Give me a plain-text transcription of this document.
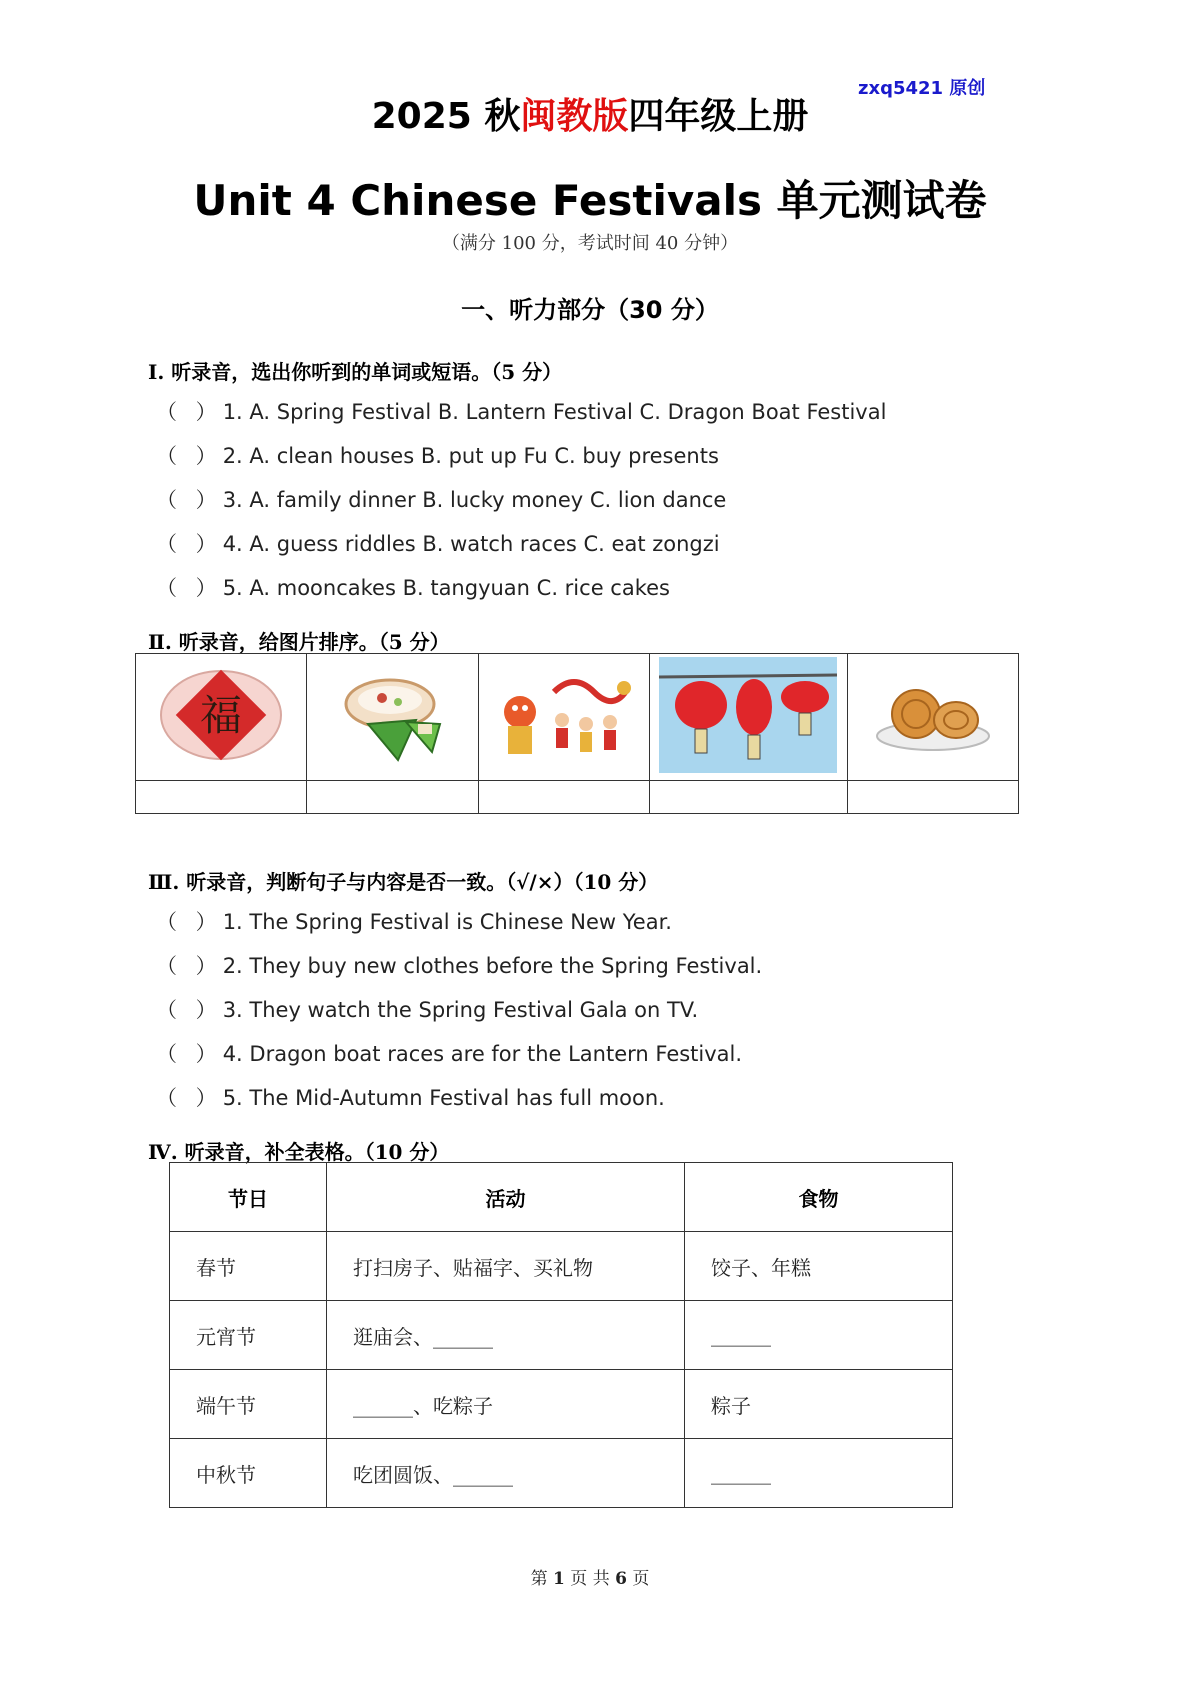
zxq5421 原创
2025 秋闽教版四年级上册
Unit 4 Chinese Festivals 单元测试卷
（满分 100 分，考试时间 40 分钟）
一、听力部分（30 分）
Ⅰ. 听录音，选出你听到的单词或短语。（5 分）
（ ）1. A. Spring Festival B. Lantern Festival C. Dragon Boat Festival
（ ）2. A. clean houses B. put up Fu C. buy presents
（ ）3. A. family dinner B. lucky money C. lion dance
（ ）4. A. guess riddles B. watch races C. eat zongzi
（ ）5. A. mooncakes B. tangyuan C. rice cakes
Ⅱ. 听录音，给图片排序。（5 分）
福

Ⅲ. 听录音，判断句子与内容是否一致。（√/×）（10 分）
（ ）1. The Spring Festival is Chinese New Year.
（ ）2. They buy new clothes before the Spring Festival.
（ ）3. They watch the Spring Festival Gala on TV.
（ ）4. Dragon boat races are for the Lantern Festival.
（ ）5. The Mid-Autumn Festival has full moon.
Ⅳ. 听录音，补全表格。（10 分）
节日	活动	食物
春节	打扫房子、贴福字、买礼物	饺子、年糕
元宵节	逛庙会、______	______
端午节	______、吃粽子	粽子
中秋节	吃团圆饭、______	______
第 1 页 共 6 页
